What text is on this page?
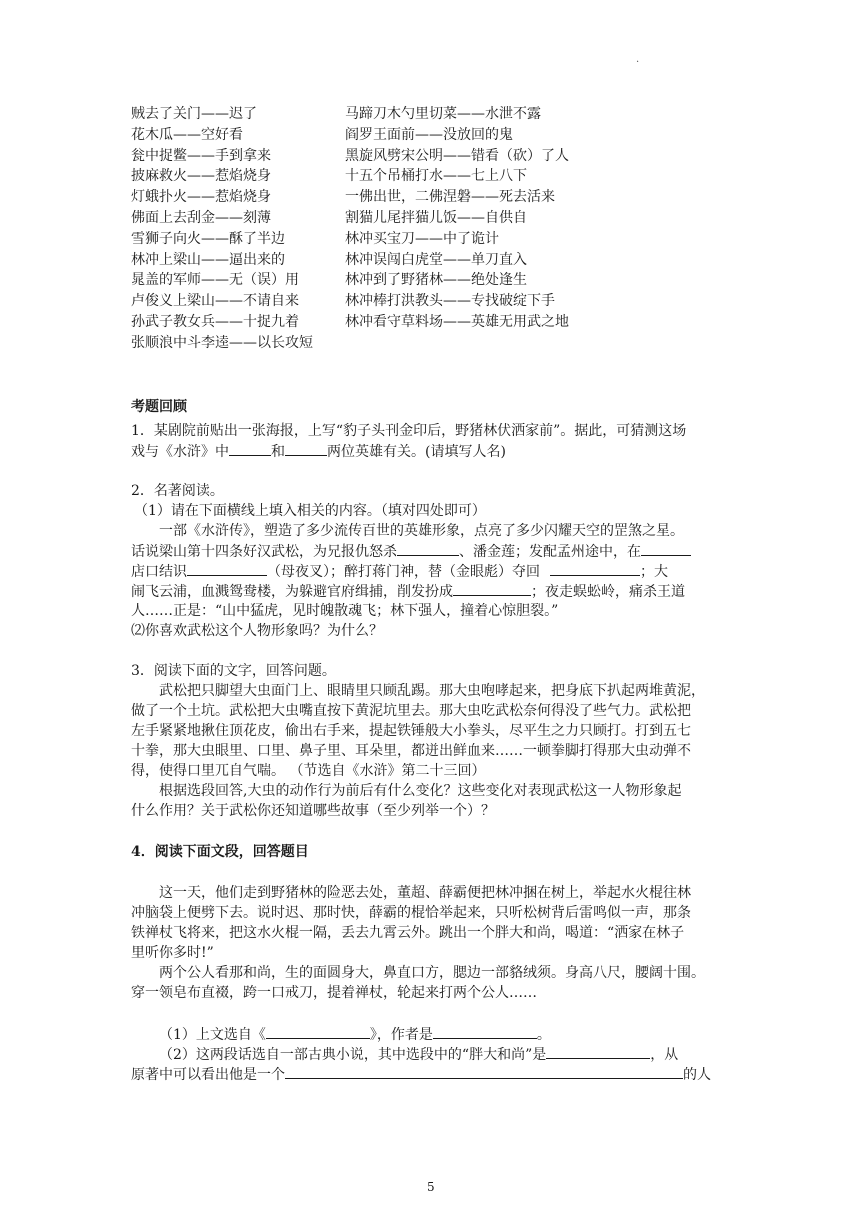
.
贼去了关门——迟了
花木瓜——空好看
瓮中捉鳖——手到拿来
披麻救火——惹焰烧身
灯蛾扑火——惹焰烧身
佛面上去刮金——刻薄
雪狮子向火——酥了半边
林冲上梁山——逼出来的
晁盖的军师——无（误）用
卢俊义上梁山——不请自来
孙武子教女兵——十捉九着
张顺浪中斗李逵——以长攻短
马蹄刀木勺里切菜——水泄不露
阎罗王面前——没放回的鬼
黑旋风劈宋公明——错看（砍）了人
十五个吊桶打水——七上八下
一佛出世，二佛涅磐——死去活来
割猫儿尾拌猫儿饭——自供自
林冲买宝刀——中了诡计
林冲误闯白虎堂——单刀直入
林冲到了野猪林——绝处逢生
林冲棒打洪教头——专找破绽下手
林冲看守草料场——英雄无用武之地
考题回顾
1．某剧院前贴出一张海报，上写“豹子头刊金印后，野猪林伏洒家前”。据此，可猜测这场
戏与《水浒》中	和	两位英雄有关。(请填写人名)
2．名著阅读。
（1）请在下面横线上填入相关的内容。（填对四处即可）
一部《水浒传》，塑造了多少流传百世的英雄形象，点亮了多少闪耀天空的罡煞之星。
话说梁山第十四条好汉武松，为兄报仇怒杀	、潘金莲；发配孟州途中，在
店口结识	（母夜叉）；醉打蒋门神，替（金眼彪）夺回	；大
闹飞云浦，血溅鸳鸯楼，为躲避官府缉捕，削发扮成	；夜走蜈蚣岭，痛杀王道
人……正是：“山中猛虎，见时魄散魂飞；林下强人，撞着心惊胆裂。”
⑵你喜欢武松这个人物形象吗？为什么？
3．阅读下面的文字，回答问题。
武松把只脚望大虫面门上、眼睛里只顾乱踢。那大虫咆哮起来，把身底下扒起两堆黄泥，
做了一个土坑。武松把大虫嘴直按下黄泥坑里去。那大虫吃武松奈何得没了些气力。武松把
左手紧紧地揪住顶花皮，偷出右手来，提起铁锤般大小拳头，尽平生之力只顾打。打到五七
十拳，那大虫眼里、口里、鼻子里、耳朵里，都迸出鲜血来……一顿拳脚打得那大虫动弹不
得，使得口里兀自气喘。 （节选自《水浒》第二十三回）
根据选段回答,大虫的动作行为前后有什么变化？这些变化对表现武松这一人物形象起
什么作用？关于武松你还知道哪些故事（至少列举一个）？
4．阅读下面文段，回答题目
这一天，他们走到野猪林的险恶去处，董超、薛霸便把林冲捆在树上，举起水火棍往林
冲脑袋上便劈下去。说时迟、那时快，薛霸的棍恰举起来，只听松树背后雷鸣似一声，那条
铁禅杖飞将来，把这水火棍一隔，丢去九霄云外。跳出一个胖大和尚，喝道：“洒家在林子
里听你多时!”
两个公人看那和尚，生的面圆身大，鼻直口方，腮边一部貉绒须。身高八尺，腰阔十围。
穿一领皂布直裰，跨一口戒刀，提着禅杖，轮起来打两个公人……
（1）上文选自《	》，作者是	。
（2）这两段话选自一部古典小说，其中选段中的“胖大和尚”是	，从
原著中可以看出他是一个	的人
5
